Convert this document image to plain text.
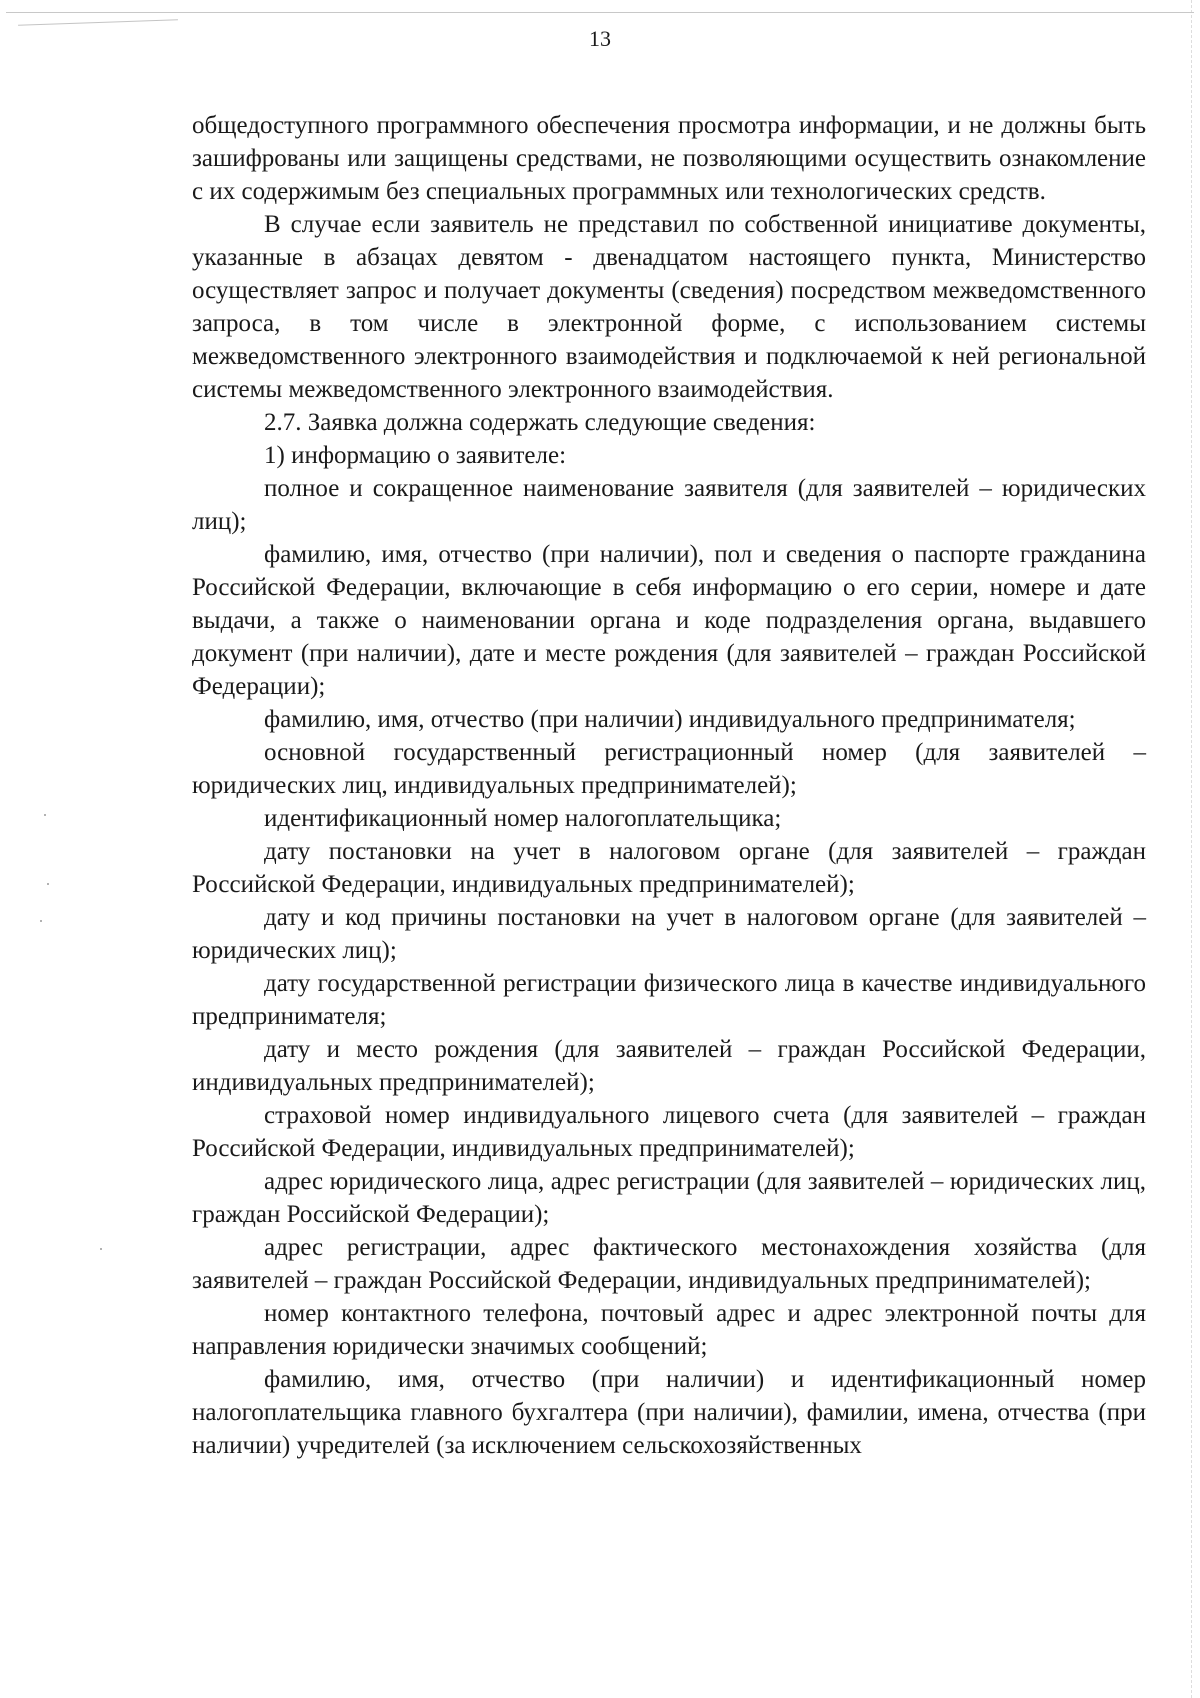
13

общедоступного программного обеспечения просмотра информации, и не должны быть зашифрованы или защищены средствами, не позволяющими осуществить ознакомление с их содержимым без специальных программных или технологических средств.

В случае если заявитель не представил по собственной инициативе документы, указанные в абзацах девятом - двенадцатом настоящего пункта, Министерство осуществляет запрос и получает документы (сведения) посредством межведомственного запроса, в том числе в электронной форме, с использованием системы межведомственного электронного взаимодействия и подключаемой к ней региональной системы межведомственного электронного взаимодействия.

2.7. Заявка должна содержать следующие сведения:

1) информацию о заявителе:

полное и сокращенное наименование заявителя (для заявителей – юридических лиц);

фамилию, имя, отчество (при наличии), пол и сведения о паспорте гражданина Российской Федерации, включающие в себя информацию о его серии, номере и дате выдачи, а также о наименовании органа и коде подразделения органа, выдавшего документ (при наличии), дате и месте рождения (для заявителей – граждан Российской Федерации);

фамилию, имя, отчество (при наличии) индивидуального предпринимателя;

основной государственный регистрационный номер (для заявителей – юридических лиц, индивидуальных предпринимателей);

идентификационный номер налогоплательщика;

дату постановки на учет в налоговом органе (для заявителей – граждан Российской Федерации, индивидуальных предпринимателей);

дату и код причины постановки на учет в налоговом органе (для заявителей – юридических лиц);

дату государственной регистрации физического лица в качестве индивидуального предпринимателя;

дату и место рождения (для заявителей – граждан Российской Федерации, индивидуальных предпринимателей);

страховой номер индивидуального лицевого счета (для заявителей – граждан Российской Федерации, индивидуальных предпринимателей);

адрес юридического лица, адрес регистрации (для заявителей – юридических лиц, граждан Российской Федерации);

адрес регистрации, адрес фактического местонахождения хозяйства (для заявителей – граждан Российской Федерации, индивидуальных предпринимателей);

номер контактного телефона, почтовый адрес и адрес электронной почты для направления юридически значимых сообщений;

фамилию, имя, отчество (при наличии) и идентификационный номер налогоплательщика главного бухгалтера (при наличии), фамилии, имена, отчества (при наличии) учредителей (за исключением сельскохозяйственных
